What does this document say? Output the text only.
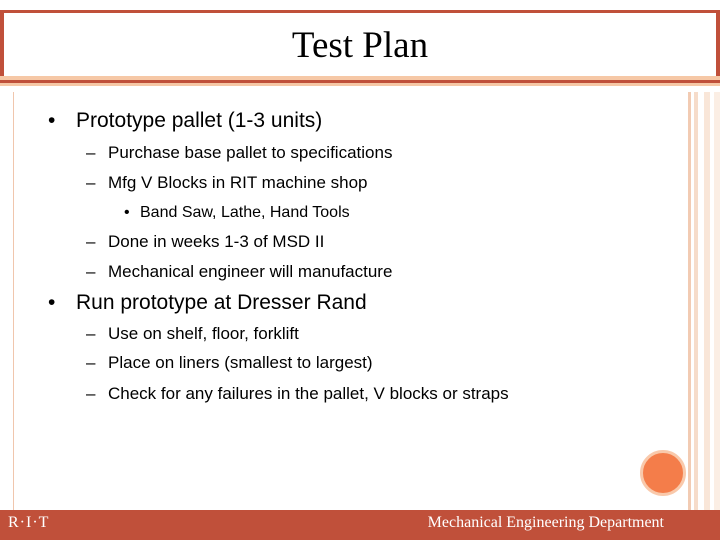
Test Plan
• Prototype pallet (1-3 units)
– Purchase base pallet to specifications
– Mfg V Blocks in RIT machine shop
• Band Saw, Lathe, Hand Tools
– Done in weeks 1-3 of MSD II
– Mechanical engineer will manufacture
• Run prototype at Dresser Rand
– Use on shelf, floor, forklift
– Place on liners (smallest to largest)
– Check for any failures in the pallet, V blocks or straps
R·I·T	Mechanical Engineering Department
